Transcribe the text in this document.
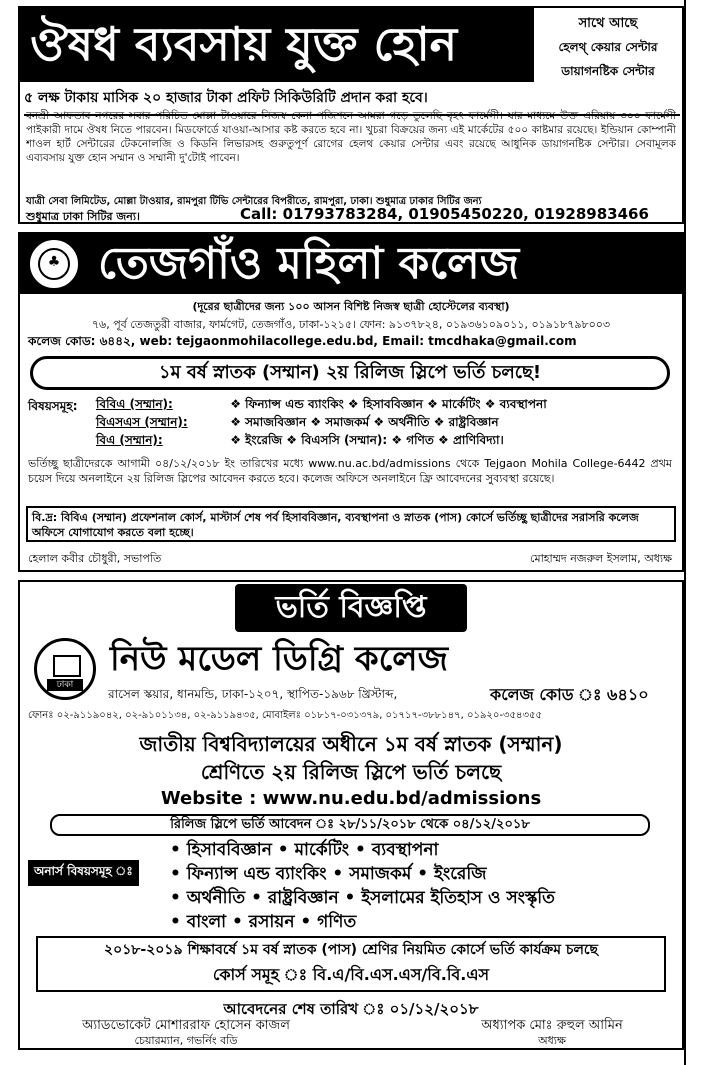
ঔষধ ব্যবসায় যুক্ত হোন	সাথে আছে
হেলথ্ কেয়ার সেন্টার
ডায়াগনষ্টিক সেন্টার
৫ লক্ষ টাকায় মাসিক ২০ হাজার টাকা প্রফিট সিকিউরিটি প্রদান করা হবে।
বনশ্রী আফতাব নগরের সবার পরিচিত মোল্লা টাওয়ারে নিজস্ব কেনা পজিশনে আমরা গড়ে তুলেছি বৃহৎ ফার্মেসী। যার মাধ্যমে উক্ত এরিয়ায় ৩০০ ফার্মেসী পাইকারী দামে ঔষধ নিতে পারবেন। মিডফোর্ডে যাওয়া-আসার কষ্ট করতে হবে না। খুচরা বিক্রয়ের জন্য এই মার্কেটের ৫০০ কাষ্টমার রয়েছে। ইন্ডিয়ান কোম্পানী শাওল হার্ট সেন্টারের টেকনোলজি ও কিডনি লিভারসহ গুরুতুপূর্ণ রোগের হেলথ কেয়ার সেন্টার এবং রয়েছে আধুনিক ডায়াগনষ্টিক সেন্টার। সেবামূলক এব্যবসায় যুক্ত হোন সম্মান ও সম্মানী দু'টোই পাবেন।
যাত্রী সেবা লিমিটেড, মোল্লা টাওয়ার, রামপুরা টিভি সেন্টারের বিপরীতে, রামপুরা, ঢাকা। শুধুমাত্র ঢাকার সিটির জন্য
শুধুমাত্র ঢাকা সিটির জন্য।	Call: 01793783284, 01905450220, 01928983466
♣ তেজগাঁও মহিলা কলেজ
(দূরের ছাত্রীদের জন্য ১০০ আসন বিশিষ্ট নিজস্ব ছাত্রী হোস্টেলের ব্যবস্থা)
৭৬, পূর্ব তেজতুরী বাজার, ফার্মগেট, তেজগাঁও, ঢাকা-১২১৫। ফোন: ৯১৩৭৮২৪, ০১৯৩৬১০৯০১১, ০১৯১৮৭৯৮০০৩
কলেজ কোড: ৬৪৪২, web: tejgaonmohilacollege.edu.bd, Email: tmcdhaka@gmail.com
১ম বর্ষ স্নাতক (সম্মান) ২য় রিলিজ স্লিপে ভর্তি চলছে!
বিষয়সমূহ: বিবিএ (সম্মান):	❖ ফিন্যান্স এন্ড ব্যাংকিং ❖ হিসাববিজ্ঞান ❖ মার্কেটিং ❖ ব্যবস্থাপনা
বিএসএস (সম্মান):	❖ সমাজবিজ্ঞান ❖ সমাজকর্ম ❖ অর্থনীতি ❖ রাষ্ট্রবিজ্ঞান
বিএ (সম্মান):	❖ ইংরেজি ❖ বিএসসি (সম্মান): ❖ গণিত ❖ প্রাণিবিদ্যা।
ভর্তিচ্ছু ছাত্রীদেরকে আগামী ০৪/১২/২০১৮ ইং তারিখের মধ্যে www.nu.ac.bd/admissions থেকে Tejgaon Mohila College-6442 প্রথম চয়েস দিয়ে অনলাইনে ২য় রিলিজ স্লিপের আবেদন করতে হবে। কলেজ অফিসে অনলাইনে ফ্রি আবেদনের সুব্যবস্থা রয়েছে।
বি.দ্র: বিবিএ (সম্মান) প্রফেশনাল কোর্স, মাস্টার্স শেষ পর্ব হিসাববিজ্ঞান, ব্যবস্থাপনা ও স্নাতক (পাস) কোর্সে ভর্তিচ্ছু ছাত্রীদের সরাসরি কলেজ অফিসে যোগাযোগ করতে বলা হচ্ছে।
হেলাল কবীর চৌধুরী, সভাপতি	মোহাম্মদ নজরুল ইসলাম, অধ্যক্ষ
ভর্তি বিজ্ঞপ্তি
ঢাকা
নিউ মডেল ডিগ্রি কলেজ
রাসেল স্কয়ার, ধানমন্ডি, ঢাকা-১২০৭, স্থাপিত-১৯৬৮ খ্রিস্টাব্দ,	কলেজ কোড ঃ ৬৪১০
ফোনঃ ০২-৯১১৯০৪২, ০২-৯১০১১৩৪, ০২-৯১১৯৪৩৫, মোবাইলঃ ০১৮১৭-০৩১৩৭৯, ০১৭১৭-৩৮৮১৪৭, ০১৯২০-৩৫৪৩৫৫
জাতীয় বিশ্ববিদ্যালয়ের অধীনে ১ম বর্ষ স্নাতক (সম্মান)
শ্রেণিতে ২য় রিলিজ স্লিপে ভর্তি চলছে
Website : www.nu.edu.bd/admissions
রিলিজ স্লিপে ভর্তি আবেদন ঃ ২৮/১১/২০১৮ থেকে ০৪/১২/২০১৮
অনার্স বিষয়সমূহ ঃ
• হিসাববিজ্ঞান • মার্কেটিং • ব্যবস্থাপনা
• ফিন্যান্স এন্ড ব্যাংকিং • সমাজকর্ম • ইংরেজি
• অর্থনীতি • রাষ্ট্রবিজ্ঞান • ইসলামের ইতিহাস ও সংস্কৃতি
• বাংলা • রসায়ন • গণিত
২০১৮-২০১৯ শিক্ষাবর্ষে ১ম বর্ষ স্নাতক (পাস) শ্রেণির নিয়মিত কোর্সে ভর্তি কার্যক্রম চলছে
কোর্স সমূহ ঃ বি.এ/বি.এস.এস/বি.বি.এস
আবেদনের শেষ তারিখ ঃ ০১/১২/২০১৮
অ্যাডভোকেট মোশাররাফ হোসেন কাজল
চেয়ারম্যান, গভর্নিং বডি
অধ্যাপক মোঃ রুহুল আমিন
অধ্যক্ষ
